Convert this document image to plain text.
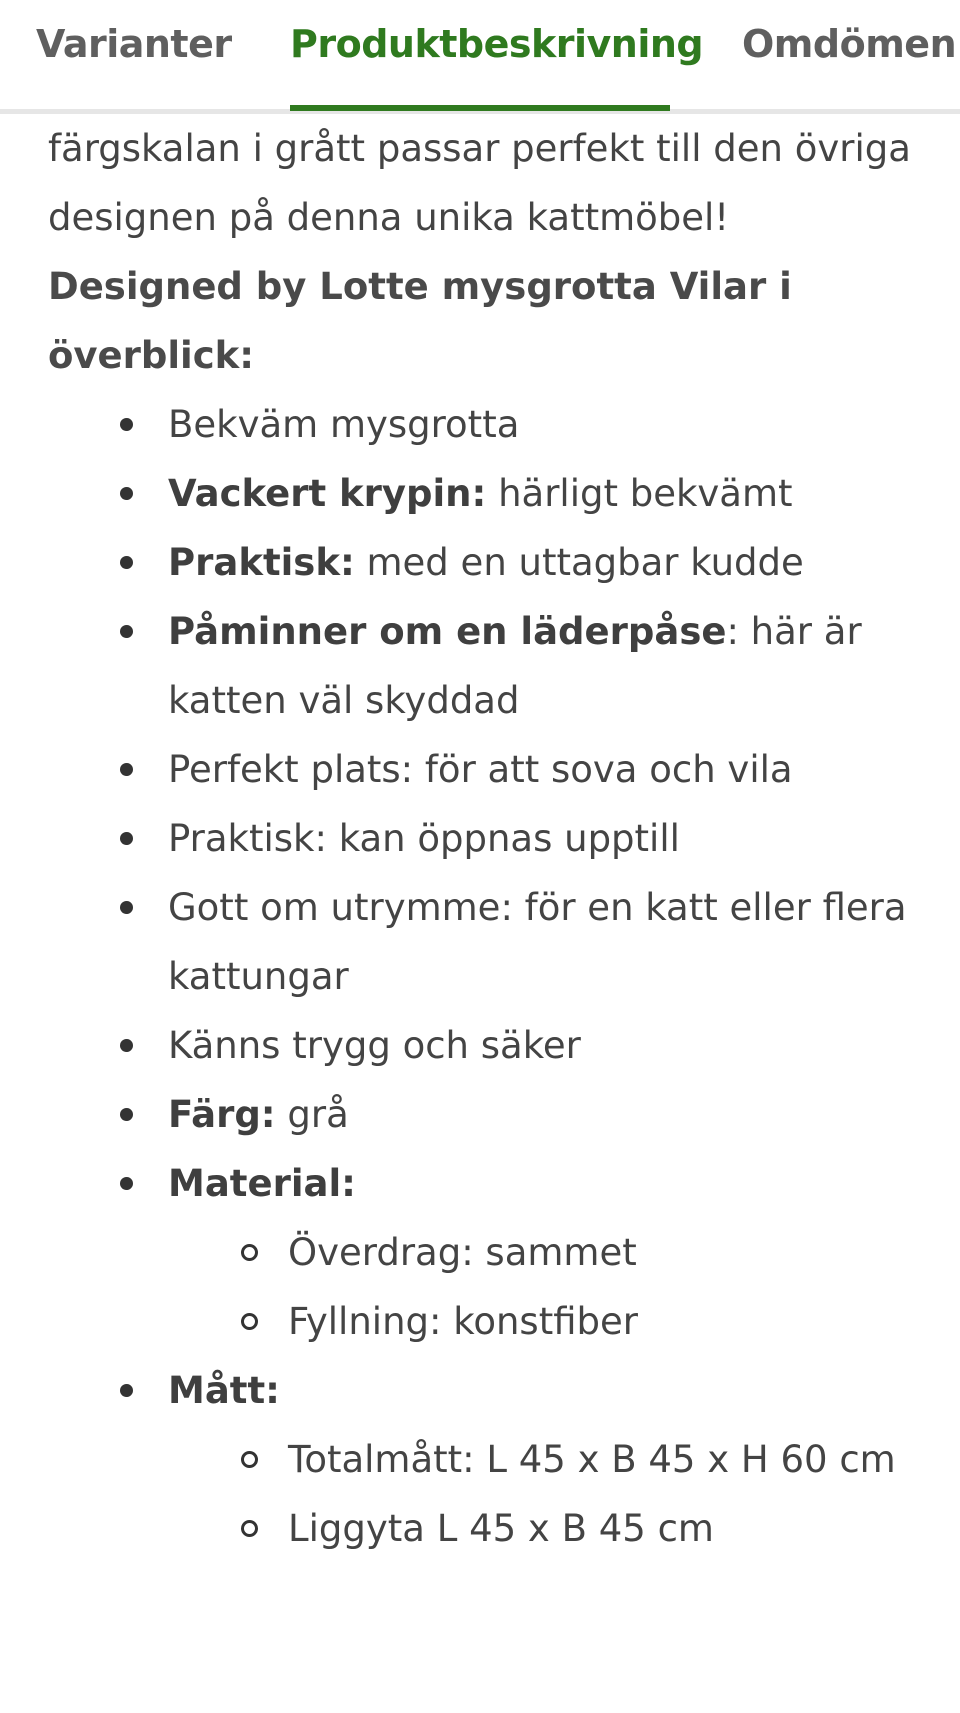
Varianter Produktbeskrivning Omdömen

färgskalan i grått passar perfekt till den övriga designen på denna unika kattmöbel!

Designed by Lotte mysgrotta Vilar i överblick:

Bekväm mysgrotta
Vackert krypin: härligt bekvämt
Praktisk: med en uttagbar kudde
Påminner om en läderpåse: här är katten väl skyddad
Perfekt plats: för att sova och vila
Praktisk: kan öppnas upptill
Gott om utrymme: för en katt eller flera kattungar
Känns trygg och säker
Färg: grå
Material:
Överdrag: sammet
Fyllning: konstfiber
Mått:
Totalmått: L 45 x B 45 x H 60 cm
Liggyta L 45 x B 45 cm
